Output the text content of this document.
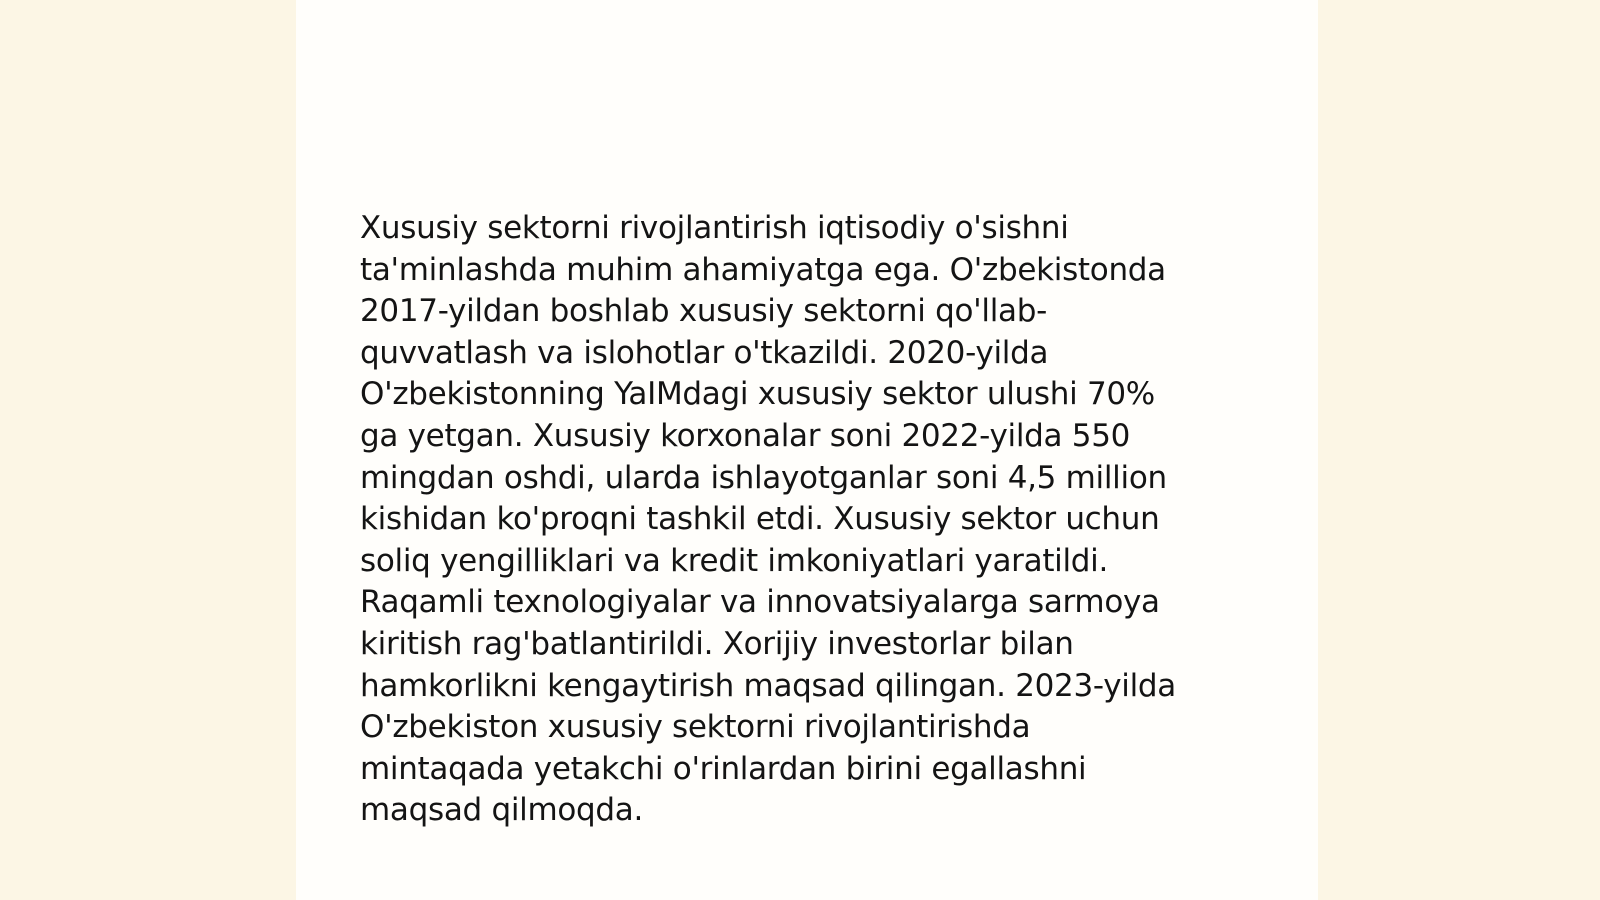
Xususiy sektorni rivojlantirish iqtisodiy o'sishni
ta'minlashda muhim ahamiyatga ega. O'zbekistonda
2017-yildan boshlab xususiy sektorni qo'llab-
quvvatlash va islohotlar o'tkazildi. 2020-yilda
O'zbekistonning YaIMdagi xususiy sektor ulushi 70%
ga yetgan. Xususiy korxonalar soni 2022-yilda 550
mingdan oshdi, ularda ishlayotganlar soni 4,5 million
kishidan ko'proqni tashkil etdi. Xususiy sektor uchun
soliq yengilliklari va kredit imkoniyatlari yaratildi.
Raqamli texnologiyalar va innovatsiyalarga sarmoya
kiritish rag'batlantirildi. Xorijiy investorlar bilan
hamkorlikni kengaytirish maqsad qilingan. 2023-yilda
O'zbekiston xususiy sektorni rivojlantirishda
mintaqada yetakchi o'rinlardan birini egallashni
maqsad qilmoqda.
